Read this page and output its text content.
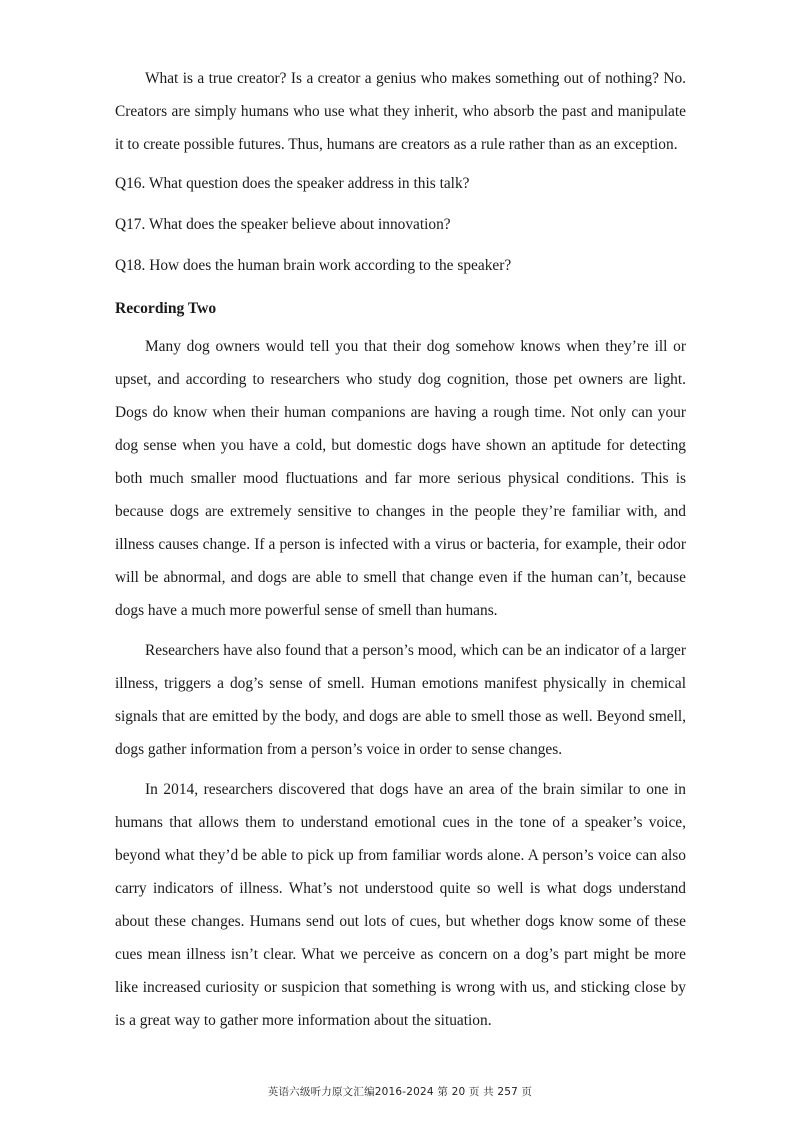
What is a true creator? Is a creator a genius who makes something out of nothing? No. Creators are simply humans who use what they inherit, who absorb the past and manipulate it to create possible futures. Thus, humans are creators as a rule rather than as an exception.

Q16. What question does the speaker address in this talk?

Q17. What does the speaker believe about innovation?

Q18. How does the human brain work according to the speaker?

Recording Two

Many dog owners would tell you that their dog somehow knows when they’re ill or upset, and according to researchers who study dog cognition, those pet owners are light. Dogs do know when their human companions are having a rough time. Not only can your dog sense when you have a cold, but domestic dogs have shown an aptitude for detecting both much smaller mood fluctuations and far more serious physical conditions. This is because dogs are extremely sensitive to changes in the people they’re familiar with, and illness causes change. If a person is infected with a virus or bacteria, for example, their odor will be abnormal, and dogs are able to smell that change even if the human can’t, because dogs have a much more powerful sense of smell than humans.

Researchers have also found that a person’s mood, which can be an indicator of a larger illness, triggers a dog’s sense of smell. Human emotions manifest physically in chemical signals that are emitted by the body, and dogs are able to smell those as well. Beyond smell, dogs gather information from a person’s voice in order to sense changes.

In 2014, researchers discovered that dogs have an area of the brain similar to one in humans that allows them to understand emotional cues in the tone of a speaker’s voice, beyond what they’d be able to pick up from familiar words alone. A person’s voice can also carry indicators of illness. What’s not understood quite so well is what dogs understand about these changes. Humans send out lots of cues, but whether dogs know some of these cues mean illness isn’t clear. What we perceive as concern on a dog’s part might be more like increased curiosity or suspicion that something is wrong with us, and sticking close by is a great way to gather more information about the situation.

英语六级听力原文汇编2016-2024 第 20 页 共 257 页
